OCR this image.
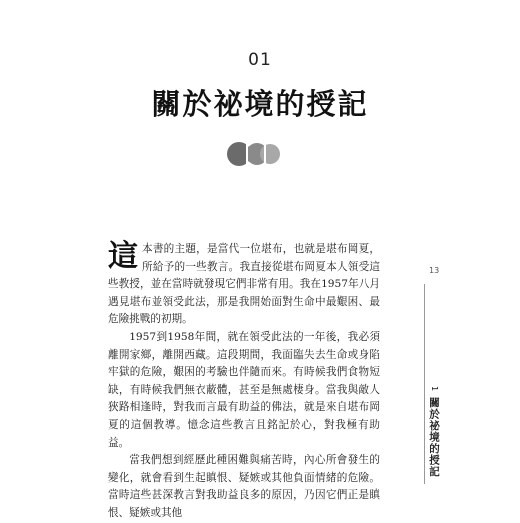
01
關於祕境的授記

這本書的主題，是當代一位堪布，也就是堪布岡夏，所給予的一些教言。我直接從堪布岡夏本人領受這些教授，並在當時就發現它們非常有用。我在1957年八月遇見堪布並領受此法，那是我開始面對生命中最艱困、最危險挑戰的初期。

1957到1958年間，就在領受此法的一年後，我必須離開家鄉，離開西藏。這段期間，我面臨失去生命或身陷牢獄的危險，艱困的考驗也伴隨而來。有時候我們食物短缺，有時候我們無衣蔽體，甚至是無處棲身。當我與敵人狹路相逢時，對我而言最有助益的佛法，就是來自堪布岡夏的這個教導。憶念這些教言且銘記於心，對我極有助益。

當我們想到經歷此種困難與痛苦時，內心所會發生的變化，就會看到生起瞋恨、疑嫉或其他負面情緒的危險。當時這些甚深教言對我助益良多的原因，乃因它們正是瞋恨、疑嫉或其他

13
1 關於祕境的授記
